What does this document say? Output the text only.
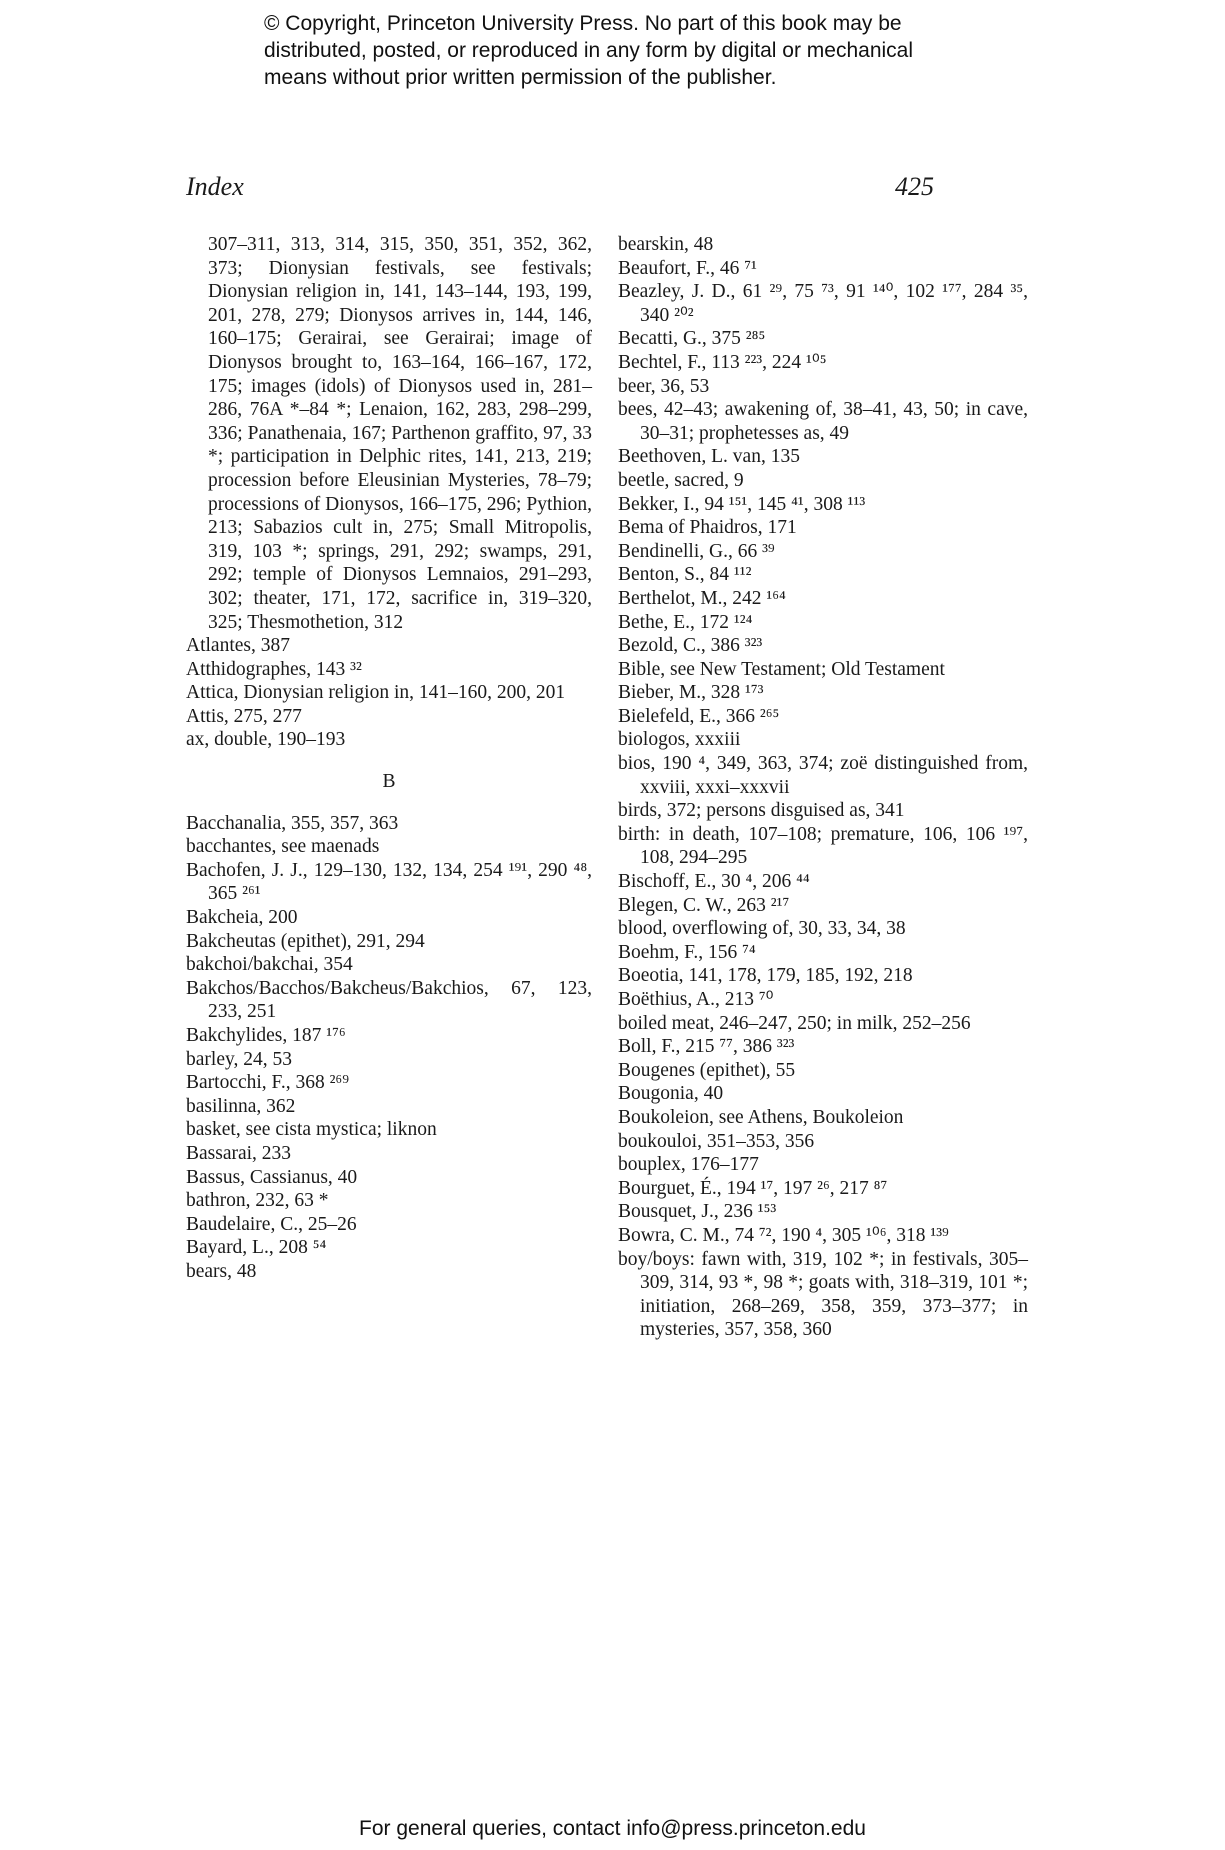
© Copyright, Princeton University Press. No part of this book may be
distributed, posted, or reproduced in any form by digital or mechanical
means without prior written permission of the publisher.
Index	425
307–311, 313, 314, 315, 350, 351, 352, 362, 373; Dionysian festivals, see festivals; Dionysian religion in, 141, 143–144, 193, 199, 201, 278, 279; Dionysos arrives in, 144, 146, 160–175; Gerairai, see Gerairai; image of Dionysos brought to, 163–164, 166–167, 172, 175; images (idols) of Dionysos used in, 281–286, 76A *–84 *; Lenaion, 162, 283, 298–299, 336; Panathenaia, 167; Parthenon graffito, 97, 33 *; participation in Delphic rites, 141, 213, 219; procession before Eleusinian Mysteries, 78–79; processions of Dionysos, 166–175, 296; Pythion, 213; Sabazios cult in, 275; Small Mitropolis, 319, 103 *; springs, 291, 292; swamps, 291, 292; temple of Dionysos Lemnaios, 291–293, 302; theater, 171, 172, sacrifice in, 319–320, 325; Thesmothetion, 312
Atlantes, 387
Atthidographes, 143 ³²
Attica, Dionysian religion in, 141–160, 200, 201
Attis, 275, 277
ax, double, 190–193
B
Bacchanalia, 355, 357, 363
bacchantes, see maenads
Bachofen, J. J., 129–130, 132, 134, 254 ¹⁹¹, 290 ⁴⁸, 365 ²⁶¹
Bakcheia, 200
Bakcheutas (epithet), 291, 294
bakchoi/bakchai, 354
Bakchos/Bacchos/Bakcheus/Bakchios, 67, 123, 233, 251
Bakchylides, 187 ¹⁷⁶
barley, 24, 53
Bartocchi, F., 368 ²⁶⁹
basilinna, 362
basket, see cista mystica; liknon
Bassarai, 233
Bassus, Cassianus, 40
bathron, 232, 63 *
Baudelaire, C., 25–26
Bayard, L., 208 ⁵⁴
bears, 48
bearskin, 48
Beaufort, F., 46 ⁷¹
Beazley, J. D., 61 ²⁹, 75 ⁷³, 91 ¹⁴⁰, 102 ¹⁷⁷, 284 ³⁵, 340 ²⁰²
Becatti, G., 375 ²⁸⁵
Bechtel, F., 113 ²²³, 224 ¹⁰⁵
beer, 36, 53
bees, 42–43; awakening of, 38–41, 43, 50; in cave, 30–31; prophetesses as, 49
Beethoven, L. van, 135
beetle, sacred, 9
Bekker, I., 94 ¹⁵¹, 145 ⁴¹, 308 ¹¹³
Bema of Phaidros, 171
Bendinelli, G., 66 ³⁹
Benton, S., 84 ¹¹²
Berthelot, M., 242 ¹⁶⁴
Bethe, E., 172 ¹²⁴
Bezold, C., 386 ³²³
Bible, see New Testament; Old Testament
Bieber, M., 328 ¹⁷³
Bielefeld, E., 366 ²⁶⁵
biologos, xxxiii
bios, 190 ⁴, 349, 363, 374; zoë distinguished from, xxviii, xxxi–xxxvii
birds, 372; persons disguised as, 341
birth: in death, 107–108; premature, 106, 106 ¹⁹⁷, 108, 294–295
Bischoff, E., 30 ⁴, 206 ⁴⁴
Blegen, C. W., 263 ²¹⁷
blood, overflowing of, 30, 33, 34, 38
Boehm, F., 156 ⁷⁴
Boeotia, 141, 178, 179, 185, 192, 218
Boëthius, A., 213 ⁷⁰
boiled meat, 246–247, 250; in milk, 252–256
Boll, F., 215 ⁷⁷, 386 ³²³
Bougenes (epithet), 55
Bougonia, 40
Boukoleion, see Athens, Boukoleion
boukouloi, 351–353, 356
bouplex, 176–177
Bourguet, É., 194 ¹⁷, 197 ²⁶, 217 ⁸⁷
Bousquet, J., 236 ¹⁵³
Bowra, C. M., 74 ⁷², 190 ⁴, 305 ¹⁰⁶, 318 ¹³⁹
boy/boys: fawn with, 319, 102 *; in festivals, 305–309, 314, 93 *, 98 *; goats with, 318–319, 101 *; initiation, 268–269, 358, 359, 373–377; in mysteries, 357, 358, 360
For general queries, contact info@press.princeton.edu
